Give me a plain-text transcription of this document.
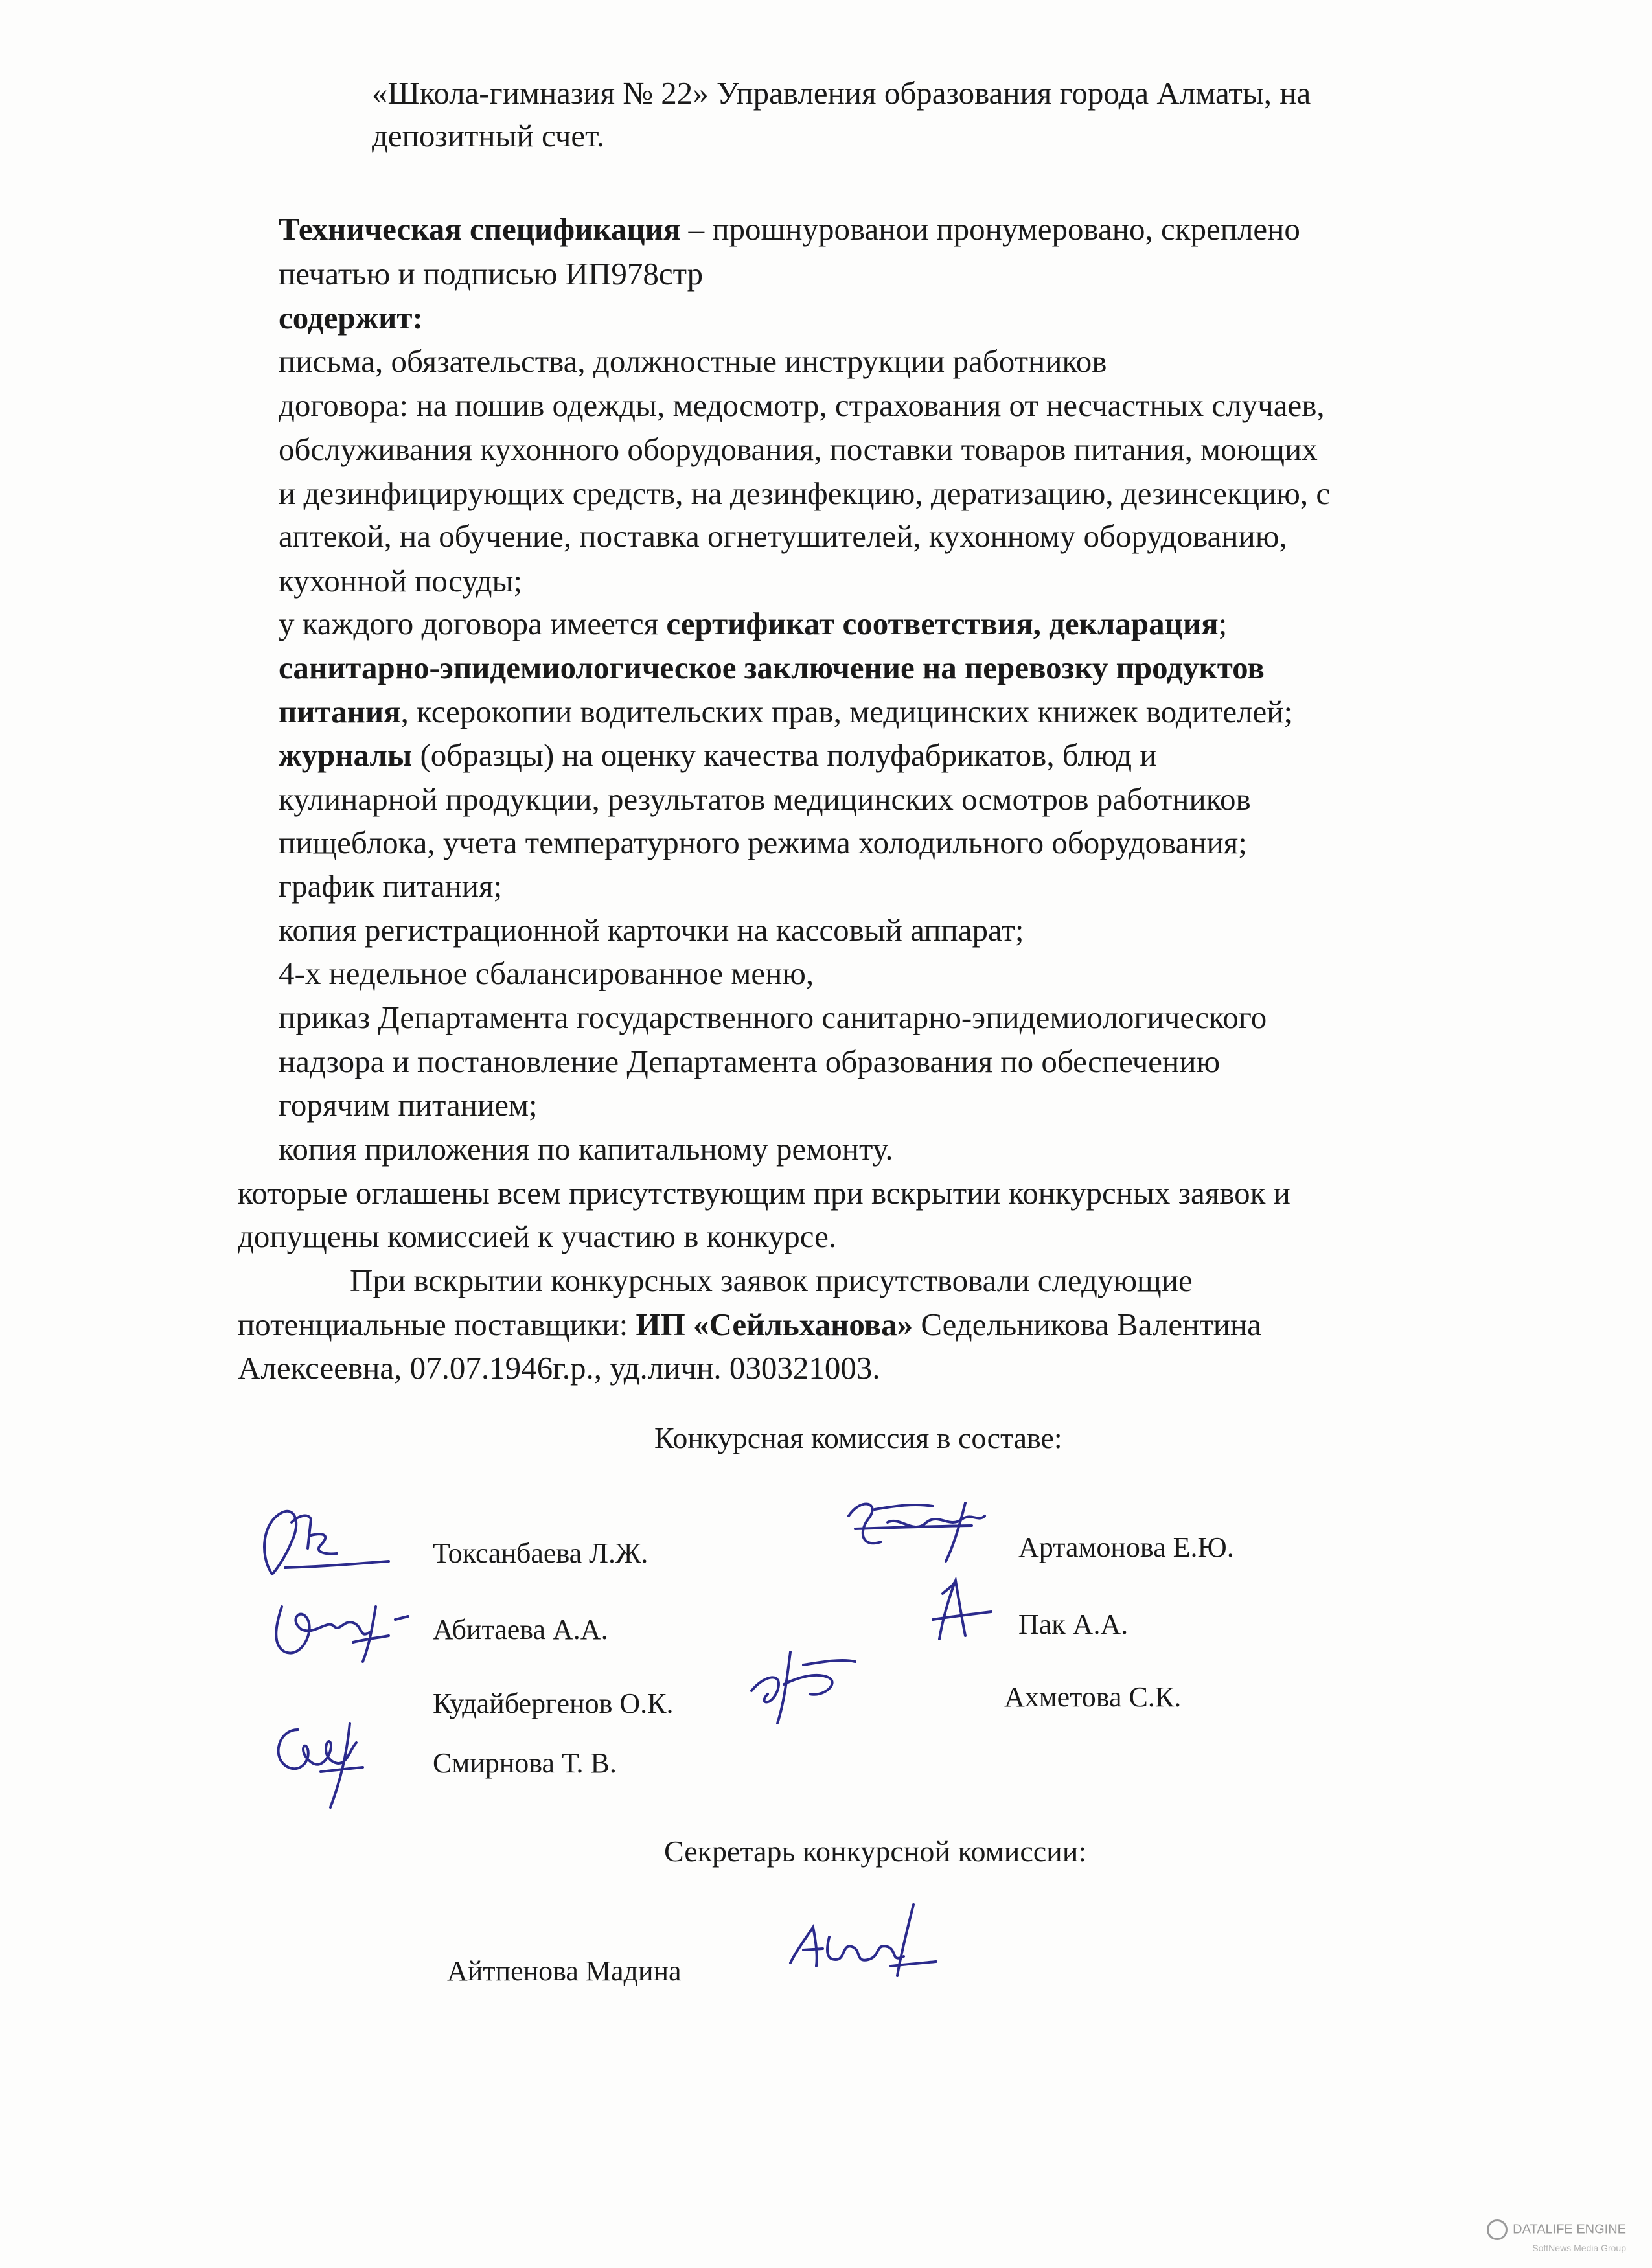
«Школа-гимназия № 22» Управления образования города Алматы, на
депозитный счет.
Техническая спецификация – прошнурованои пронумеровано, скреплено
печатью и подписью ИП978стр
содержит:
письма, обязательства, должностные инструкции работников
договора: на пошив одежды, медосмотр, страхования от несчастных случаев,
обслуживания кухонного оборудования, поставки товаров питания, моющих
и дезинфицирующих средств, на дезинфекцию, дератизацию, дезинсекцию, с
аптекой, на обучение, поставка огнетушителей, кухонному оборудованию,
кухонной посуды;
у каждого договора имеется сертификат соответствия, декларация;
санитарно-эпидемиологическое заключение на перевозку продуктов
питания, ксерокопии водительских прав, медицинских книжек водителей;
журналы (образцы) на оценку качества полуфабрикатов, блюд и
кулинарной продукции, результатов медицинских осмотров работников
пищеблока, учета температурного режима холодильного оборудования;
график питания;
копия регистрационной карточки на кассовый аппарат;
4-х недельное сбалансированное меню,
приказ Департамента государственного санитарно-эпидемиологического
надзора и постановление Департамента образования по обеспечению
горячим питанием;
копия приложения по капитальному ремонту.
которые оглашены всем присутствующим при вскрытии конкурсных заявок и
допущены комиссией к участию в конкурсе.
При вскрытии конкурсных заявок присутствовали следующие
потенциальные поставщики: ИП «Сейльханова» Седельникова Валентина
Алексеевна, 07.07.1946г.р., уд.личн. 030321003.
Конкурсная комиссия в составе:
Токсанбаева Л.Ж.	Артамонова Е.Ю.
Абитаева А.А.	Пак А.А.
Кудайбергенов О.К.	Ахметова С.К.
Смирнова Т. В.
Секретарь конкурсной комиссии:
Айтпенова Мадина
DATALIFE ENGINE
SoftNews Media Group
